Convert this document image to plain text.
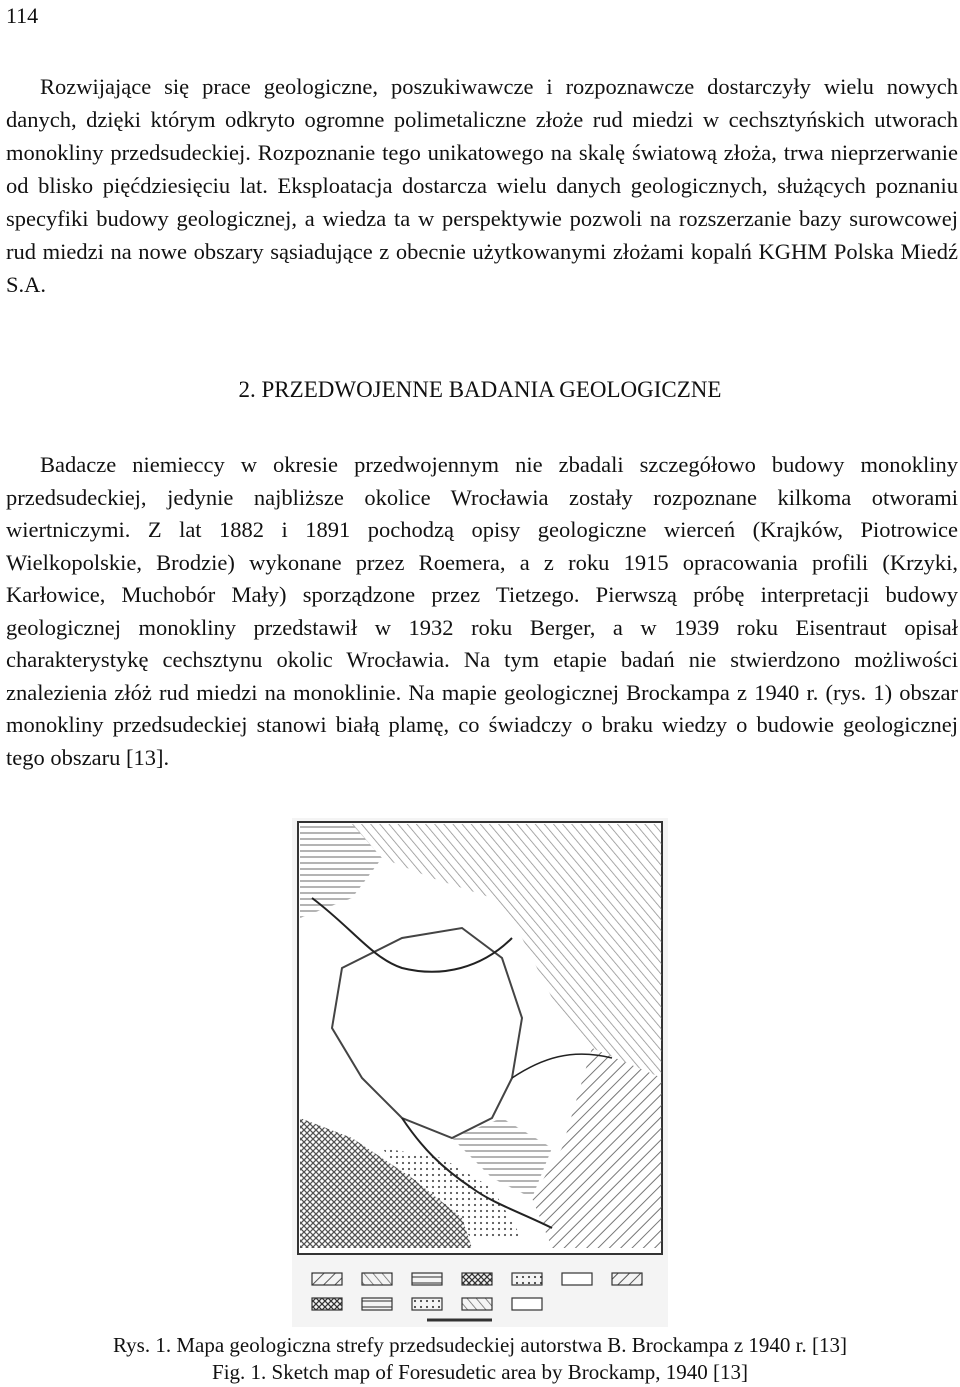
114

Rozwijające się prace geologiczne, poszukiwawcze i rozpoznawcze dostarczyły wielu nowych danych, dzięki którym odkryto ogromne polimetaliczne złoże rud miedzi w cechsztyńskich utworach monokliny przedsudeckiej. Rozpoznanie tego unikatowego na skalę światową złoża, trwa nieprzerwanie od blisko pięćdziesięciu lat. Eksploatacja dostarcza wielu danych geologicznych, służących poznaniu specyfiki budowy geologicznej, a wiedza ta w perspektywie pozwoli na rozszerzanie bazy surowcowej rud miedzi na nowe obszary sąsiadujące z obecnie użytkowanymi złożami kopalń KGHM Polska Miedź S.A.

2. PRZEDWOJENNE BADANIA GEOLOGICZNE

Badacze niemieccy w okresie przedwojennym nie zbadali szczegółowo budowy monokliny przedsudeckiej, jedynie najbliższe okolice Wrocławia zostały rozpoznane kilkoma otworami wiertniczymi. Z lat 1882 i 1891 pochodzą opisy geologiczne wierceń (Krajków, Piotrowice Wielkopolskie, Brodzie) wykonane przez Roemera, a z roku 1915 opracowania profili (Krzyki, Karłowice, Muchobór Mały) sporządzone przez Tietzego. Pierwszą próbę interpretacji budowy geologicznej monokliny przedstawił w 1932 roku Berger, a w 1939 roku Eisentraut opisał charakterystykę cechsztynu okolic Wrocławia. Na tym etapie badań nie stwierdzono możliwości znalezienia złóż rud miedzi na monoklinie. Na mapie geologicznej Brockampa z 1940 r. (rys. 1) obszar monokliny przedsudeckiej stanowi białą plamę, co świadczy o braku wiedzy o budowie geologicznej tego obszaru [13].

Rys. 1. Mapa geologiczna strefy przedsudeckiej autorstwa B. Brockampa z 1940 r. [13]

Fig. 1. Sketch map of Foresudetic area by Brockamp, 1940 [13]
